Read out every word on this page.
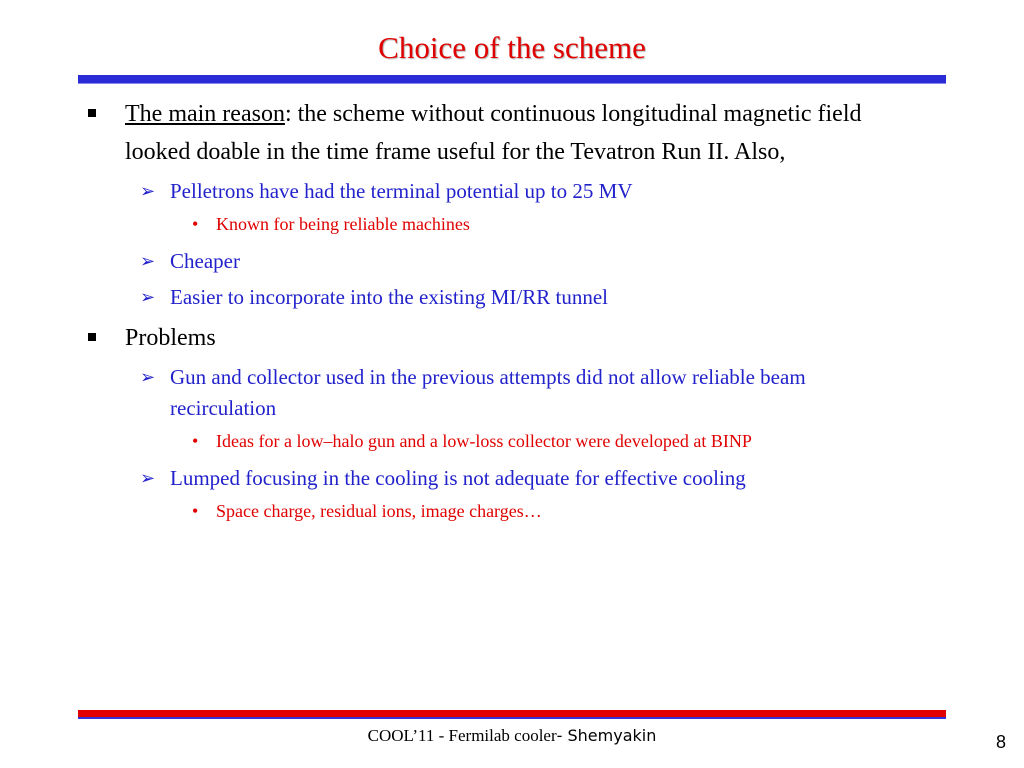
Choice of the scheme
The main reason: the scheme without continuous longitudinal magnetic field looked doable in the time frame useful for the Tevatron Run II. Also,
➢ Pelletrons have had the terminal potential up to 25 MV
• Known for being reliable machines
➢ Cheaper
➢ Easier to incorporate into the existing MI/RR tunnel
Problems
➢ Gun and collector used in the previous attempts did not allow reliable beam recirculation
• Ideas for a low–halo gun and a low-loss collector were developed at BINP
➢ Lumped focusing in the cooling is not adequate for effective cooling
• Space charge, residual ions, image charges…
COOL’11 - Fermilab cooler- Shemyakin	8
